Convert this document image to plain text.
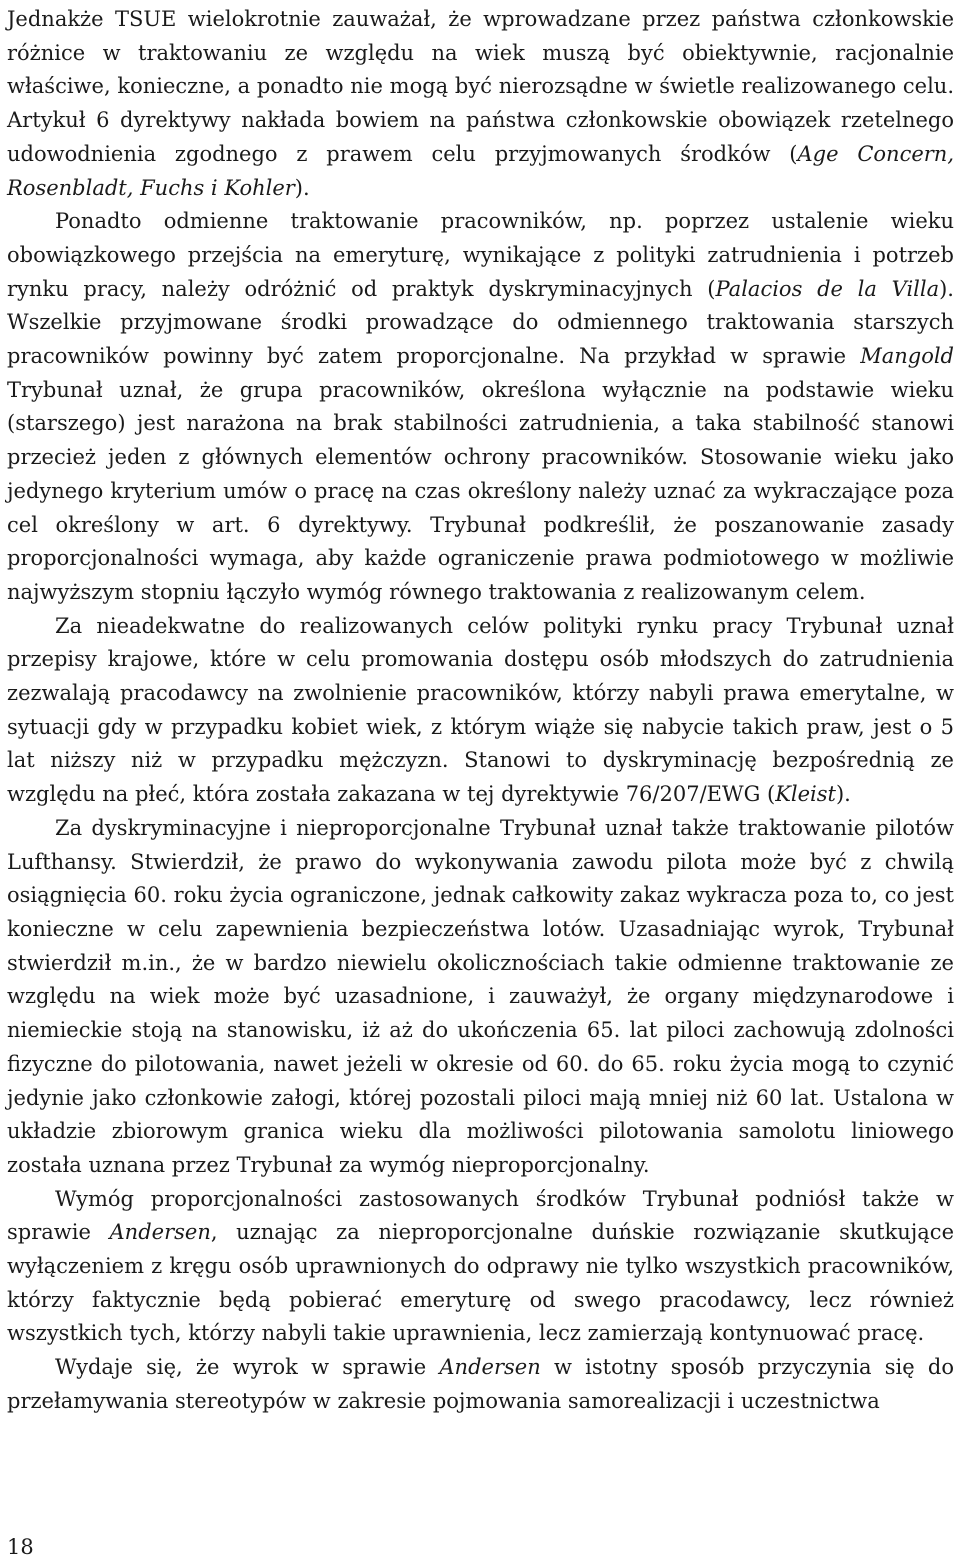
Jednakże TSUE wielokrotnie zauważał, że wprowadzane przez państwa członkowskie różnice w traktowaniu ze względu na wiek muszą być obiektywnie, racjonalnie właściwe, konieczne, a ponadto nie mogą być nierozsądne w świetle realizowanego celu. Artykuł 6 dyrektywy nakłada bowiem na państwa członkowskie obowiązek rzetelnego udowodnienia zgodnego z prawem celu przyjmowanych środków (Age Concern, Rosenbladt, Fuchs i Kohler).

Ponadto odmienne traktowanie pracowników, np. poprzez ustalenie wieku obowiązkowego przejścia na emeryturę, wynikające z polityki zatrudnienia i potrzeb rynku pracy, należy odróżnić od praktyk dyskryminacyjnych (Palacios de la Villa). Wszelkie przyjmowane środki prowadzące do odmiennego traktowania starszych pracowników powinny być zatem proporcjonalne. Na przykład w sprawie Mangold Trybunał uznał, że grupa pracowników, określona wyłącznie na podstawie wieku (starszego) jest narażona na brak stabilności zatrudnienia, a taka stabilność stanowi przecież jeden z głównych elementów ochrony pracowników. Stosowanie wieku jako jedynego kryterium umów o pracę na czas określony należy uznać za wykraczające poza cel określony w art. 6 dyrektywy. Trybunał podkreślił, że poszanowanie zasady proporcjonalności wymaga, aby każde ograniczenie prawa podmiotowego w możliwie najwyższym stopniu łączyło wymóg równego traktowania z realizowanym celem.

Za nieadekwatne do realizowanych celów polityki rynku pracy Trybunał uznał przepisy krajowe, które w celu promowania dostępu osób młodszych do zatrudnienia zezwalają pracodawcy na zwolnienie pracowników, którzy nabyli prawa emerytalne, w sytuacji gdy w przypadku kobiet wiek, z którym wiąże się nabycie takich praw, jest o 5 lat niższy niż w przypadku mężczyzn. Stanowi to dyskryminację bezpośrednią ze względu na płeć, która została zakazana w tej dyrektywie 76/207/EWG (Kleist).

Za dyskryminacyjne i nieproporcjonalne Trybunał uznał także traktowanie pilotów Lufthansy. Stwierdził, że prawo do wykonywania zawodu pilota może być z chwilą osiągnięcia 60. roku życia ograniczone, jednak całkowity zakaz wykracza poza to, co jest konieczne w celu zapewnienia bezpieczeństwa lotów. Uzasadniając wyrok, Trybunał stwierdził m.in., że w bardzo niewielu okolicznościach takie odmienne traktowanie ze względu na wiek może być uzasadnione, i zauważył, że organy międzynarodowe i niemieckie stoją na stanowisku, iż aż do ukończenia 65. lat piloci zachowują zdolności fizyczne do pilotowania, nawet jeżeli w okresie od 60. do 65. roku życia mogą to czynić jedynie jako członkowie załogi, której pozostali piloci mają mniej niż 60 lat. Ustalona w układzie zbiorowym granica wieku dla możliwości pilotowania samolotu liniowego została uznana przez Trybunał za wymóg nieproporcjonalny.

Wymóg proporcjonalności zastosowanych środków Trybunał podniósł także w sprawie Andersen, uznając za nieproporcjonalne duńskie rozwiązanie skutkujące wyłączeniem z kręgu osób uprawnionych do odprawy nie tylko wszystkich pracowników, którzy faktycznie będą pobierać emeryturę od swego pracodawcy, lecz również wszystkich tych, którzy nabyli takie uprawnienia, lecz zamierzają kontynuować pracę.

Wydaje się, że wyrok w sprawie Andersen w istotny sposób przyczynia się do przełamywania stereotypów w zakresie pojmowania samorealizacji i uczestnictwa

18
